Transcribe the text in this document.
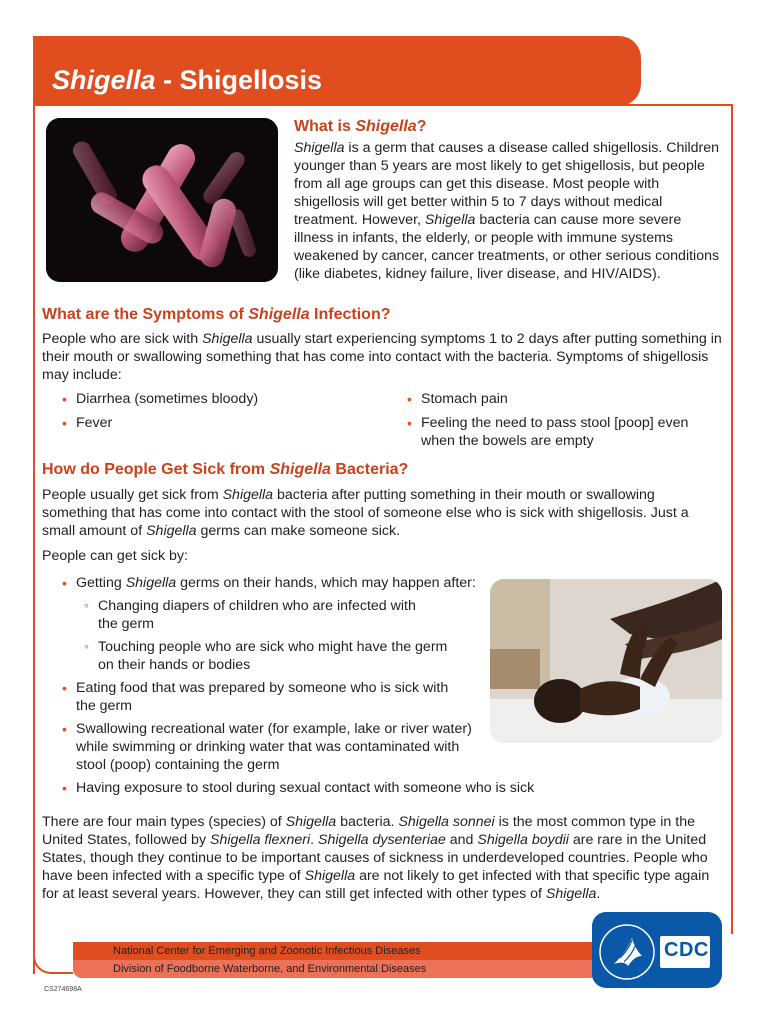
Shigella - Shigellosis
What is Shigella?

Shigella is a germ that causes a disease called shigellosis. Children younger than 5 years are most likely to get shigellosis, but people from all age groups can get this disease. Most people with shigellosis will get better within 5 to 7 days without medical treatment. However, Shigella bacteria can cause more severe illness in infants, the elderly, or people with immune systems weakened by cancer, cancer treatments, or other serious conditions (like diabetes, kidney failure, liver disease, and HIV/AIDS).

What are the Symptoms of Shigella Infection?

People who are sick with Shigella usually start experiencing symptoms 1 to 2 days after putting something in their mouth or swallowing something that has come into contact with the bacteria. Symptoms of shigellosis may include:

• Diarrhea (sometimes bloody)
• Fever
• Stomach pain
• Feeling the need to pass stool [poop] even when the bowels are empty
How do People Get Sick from Shigella Bacteria?

People usually get sick from Shigella bacteria after putting something in their mouth or swallowing something that has come into contact with the stool of someone else who is sick with shigellosis. Just a small amount of Shigella germs can make someone sick.

People can get sick by:

• Getting Shigella germs on their hands, which may happen after:
◦ Changing diapers of children who are infected with the germ
◦ Touching people who are sick who might have the germ on their hands or bodies
• Eating food that was prepared by someone who is sick with the germ
• Swallowing recreational water (for example, lake or river water) while swimming or drinking water that was contaminated with stool (poop) containing the germ
• Having exposure to stool during sexual contact with someone who is sick

There are four main types (species) of Shigella bacteria. Shigella sonnei is the most common type in the United States, followed by Shigella flexneri. Shigella dysenteriae and Shigella boydii are rare in the United States, though they continue to be important causes of sickness in underdeveloped countries. People who have been infected with a specific type of Shigella are not likely to get infected with that specific type again for at least several years. However, they can still get infected with other types of Shigella.

National Center for Emerging and Zoonotic Infectious Diseases
Division of Foodborne Waterborne, and Environmental Diseases
CDC
CS274698A
